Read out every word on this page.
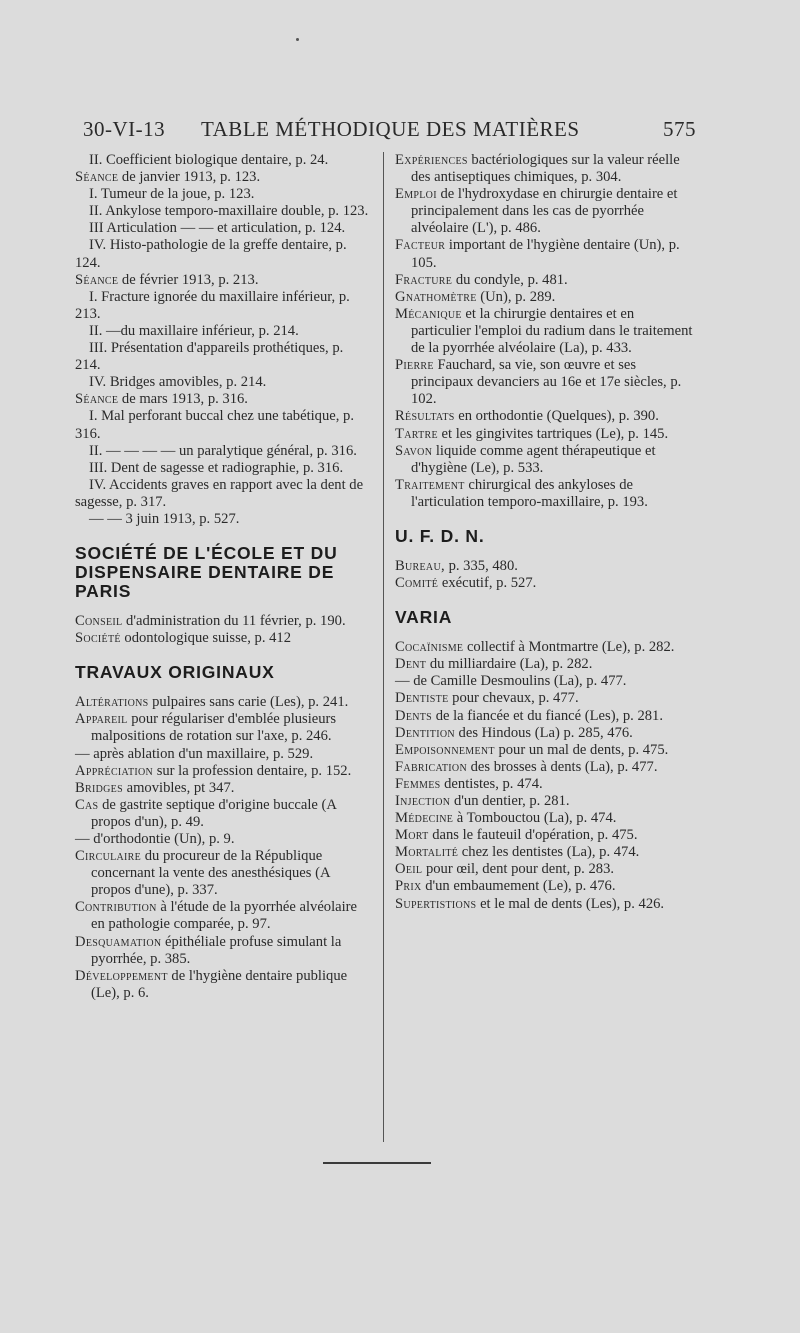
30-VI-13 TABLE MÉTHODIQUE DES MATIÈRES	575

II. Coefficient biologique dentaire, p. 24.

Séance de janvier 1913, p. 123.

I. Tumeur de la joue, p. 123.

II. Ankylose temporo-maxillaire double, p. 123.

III Articulation — — et articulation, p. 124.

IV. Histo-pathologie de la greffe dentaire, p. 124.

Séance de février 1913, p. 213.

I. Fracture ignorée du maxillaire inférieur, p. 213.

II. —du maxillaire inférieur, p. 214.

III. Présentation d'appareils prothétiques, p. 214.

IV. Bridges amovibles, p. 214.

Séance de mars 1913, p. 316.

I. Mal perforant buccal chez une tabétique, p. 316.

II. — — — — un paralytique général, p. 316.

III. Dent de sagesse et radiographie, p. 316.

IV. Accidents graves en rapport avec la dent de sagesse, p. 317.

— — 3 juin 1913, p. 527.

SOCIÉTÉ DE L'ÉCOLE ET DU DISPENSAIRE DENTAIRE DE PARIS

Conseil d'administration du 11 février, p. 190.

Société odontologique suisse, p. 412

TRAVAUX ORIGINAUX

Altérations pulpaires sans carie (Les), p. 241.

Appareil pour régulariser d'emblée plusieurs malpositions de rotation sur l'axe, p. 246.

— après ablation d'un maxillaire, p. 529.

Appréciation sur la profession dentaire, p. 152.

Bridges amovibles, pt 347.

Cas de gastrite septique d'origine buccale (A propos d'un), p. 49.

— d'orthodontie (Un), p. 9.

Circulaire du procureur de la République concernant la vente des anesthésiques (A propos d'une), p. 337.

Contribution à l'étude de la pyorrhée alvéolaire en pathologie comparée, p. 97.

Desquamation épithéliale profuse simulant la pyorrhée, p. 385.

Développement de l'hygiène dentaire publique (Le), p. 6.

Expériences bactériologiques sur la valeur réelle des antiseptiques chimiques, p. 304.

Emploi de l'hydroxydase en chirurgie dentaire et principalement dans les cas de pyorrhée alvéolaire (L'), p. 486.

Facteur important de l'hygiène dentaire (Un), p. 105.

Fracture du condyle, p. 481.

Gnathomètre (Un), p. 289.

Mécanique et la chirurgie dentaires et en particulier l'emploi du radium dans le traitement de la pyorrhée alvéolaire (La), p. 433.

Pierre Fauchard, sa vie, son œuvre et ses principaux devanciers au 16e et 17e siècles, p. 102.

Résultats en orthodontie (Quelques), p. 390.

Tartre et les gingivites tartriques (Le), p. 145.

Savon liquide comme agent thérapeutique et d'hygiène (Le), p. 533.

Traitement chirurgical des ankyloses de l'articulation temporo-maxillaire, p. 193.

U. F. D. N.

Bureau, p. 335, 480.

Comité exécutif, p. 527.

VARIA

Cocaïnisme collectif à Montmartre (Le), p. 282.

Dent du milliardaire (La), p. 282.

— de Camille Desmoulins (La), p. 477.

Dentiste pour chevaux, p. 477.

Dents de la fiancée et du fiancé (Les), p. 281.

Dentition des Hindous (La) p. 285, 476.

Empoisonnement pour un mal de dents, p. 475.

Fabrication des brosses à dents (La), p. 477.

Femmes dentistes, p. 474.

Injection d'un dentier, p. 281.

Médecine à Tombouctou (La), p. 474.

Mort dans le fauteuil d'opération, p. 475.

Mortalité chez les dentistes (La), p. 474.

Oeil pour œil, dent pour dent, p. 283.

Prix d'un embaumement (Le), p. 476.

Supertistions et le mal de dents (Les), p. 426.
